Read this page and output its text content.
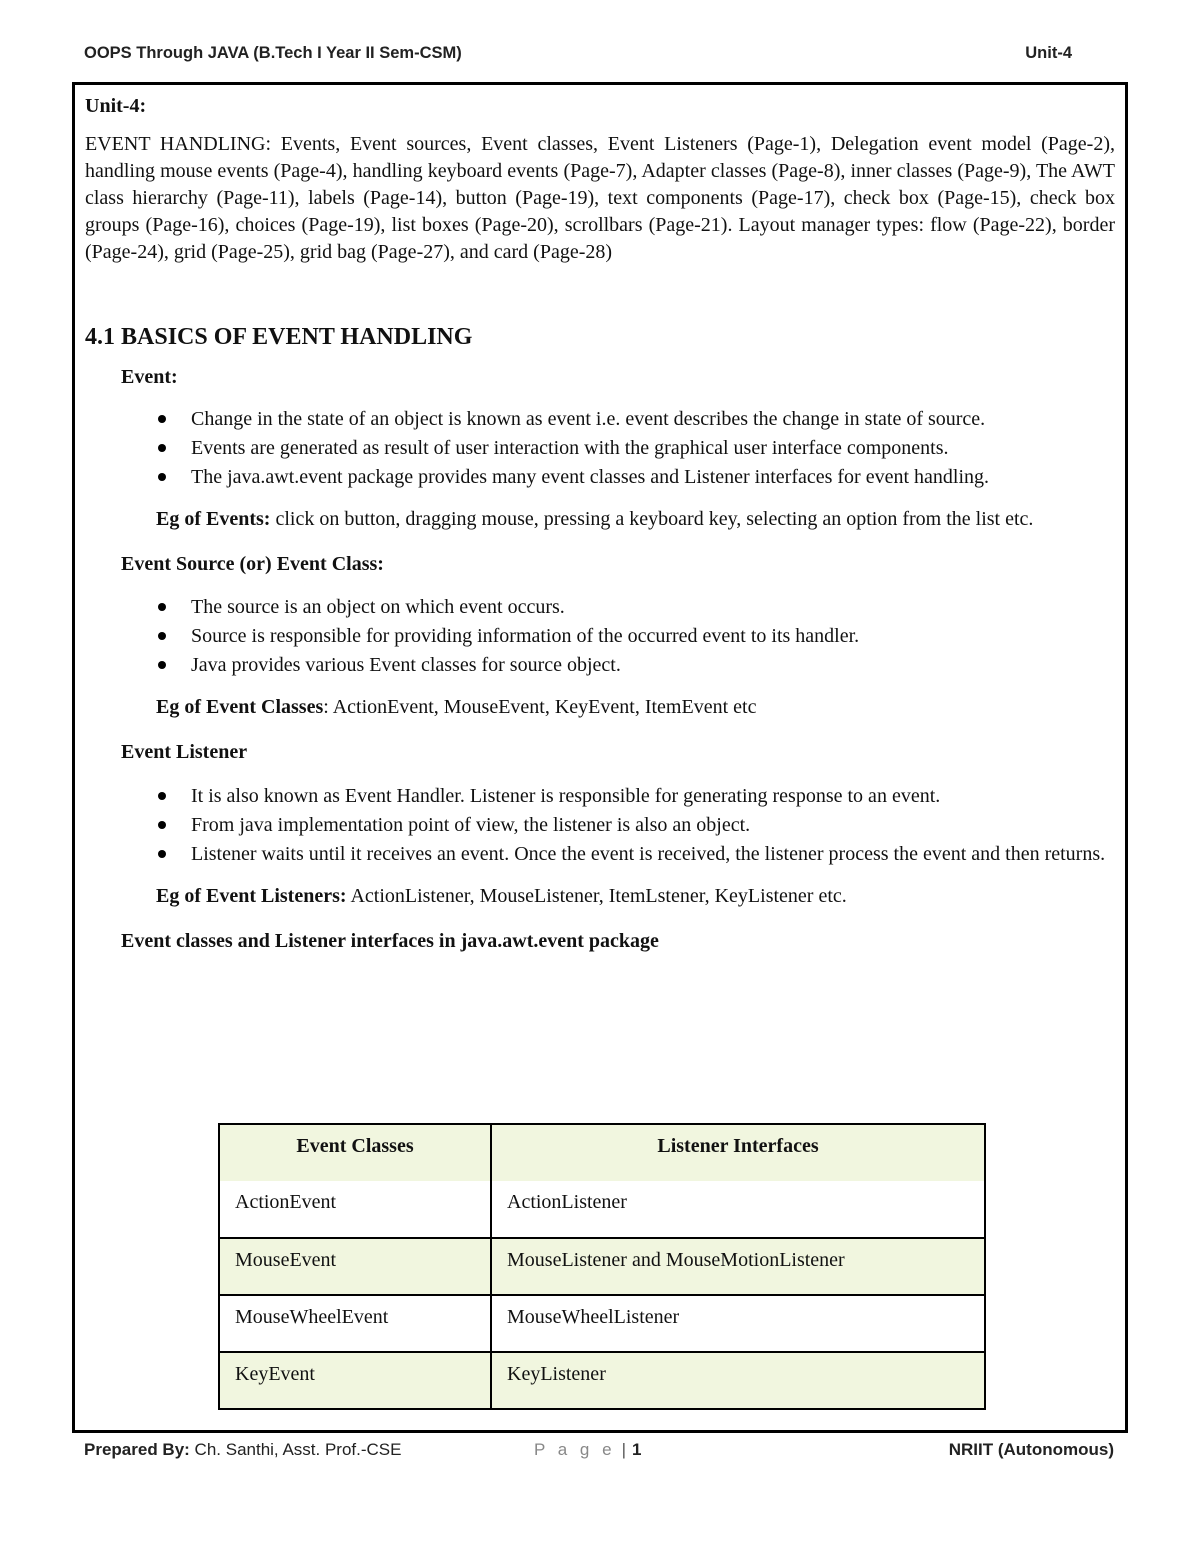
OOPS Through JAVA (B.Tech I Year II Sem-CSM)	Unit-4

Unit-4:

EVENT HANDLING: Events, Event sources, Event classes, Event Listeners (Page-1), Delegation event model (Page-2), handling mouse events (Page-4), handling keyboard events (Page-7), Adapter classes (Page-8), inner classes (Page-9), The AWT class hierarchy (Page-11), labels (Page-14), button (Page-19), text components (Page-17), check box (Page-15), check box groups (Page-16), choices (Page-19), list boxes (Page-20), scrollbars (Page-21). Layout manager types: flow (Page-22), border (Page-24), grid (Page-25), grid bag (Page-27), and card (Page-28)

4.1 BASICS OF EVENT HANDLING

Event:

Change in the state of an object is known as event i.e. event describes the change in state of source.
Events are generated as result of user interaction with the graphical user interface components.
The java.awt.event package provides many event classes and Listener interfaces for event handling.

Eg of Events: click on button, dragging mouse, pressing a keyboard key, selecting an option from the list etc.

Event Source (or) Event Class:

The source is an object on which event occurs.
Source is responsible for providing information of the occurred event to its handler.
Java provides various Event classes for source object.

Eg of Event Classes: ActionEvent, MouseEvent, KeyEvent, ItemEvent etc

Event Listener

It is also known as Event Handler. Listener is responsible for generating response to an event.
From java implementation point of view, the listener is also an object.
Listener waits until it receives an event. Once the event is received, the listener process the event and then returns.

Eg of Event Listeners: ActionListener, MouseListener, ItemLstener, KeyListener etc.

Event classes and Listener interfaces in java.awt.event package

Event Classes	Listener Interfaces
ActionEvent	ActionListener
MouseEvent	MouseListener and MouseMotionListener
MouseWheelEvent	MouseWheelListener
KeyEvent	KeyListener
Prepared By: Ch. Santhi, Asst. Prof.-CSE	P a g e | 1	NRIIT (Autonomous)
